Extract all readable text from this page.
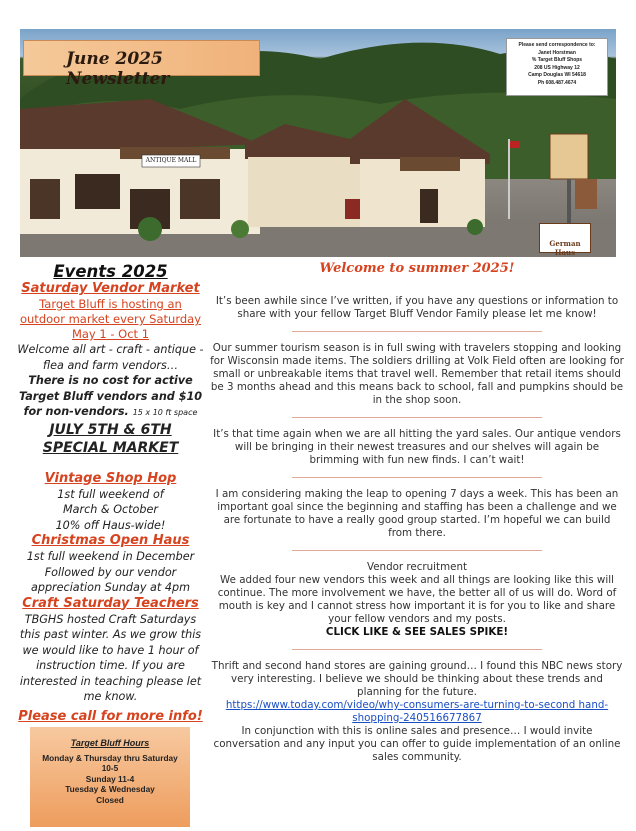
June 2025 Newsletter
ANTIQUE MALL
Please send correspondence to:
Janet Horstman
% Target Bluff Shops
208 US Highway 12
Camp Douglas WI 54618
Ph 608.487.4674
German Haus
Events 2025
Saturday Vendor Market
Target Bluff is hosting an outdoor market every Saturday
May 1 - Oct 1
Welcome all art - craft - antique - flea and farm vendors…
There is no cost for active Target Bluff vendors and $10 for non-vendors. 15 x 10 ft space
JULY 5TH & 6TH SPECIAL MARKET
Vintage Shop Hop
1st full weekend of
March & October
10% off Haus-wide!
Christmas Open Haus
1st full weekend in December Followed by our vendor appreciation Sunday at 4pm
Craft Saturday Teachers
TBGHS hosted Craft Saturdays this past winter. As we grow this we would like to have 1 hour of instruction time. If you are interested in teaching please let me know.
Please call for more info!
Target Bluff Hours
Monday & Thursday thru Saturday
10-5
Sunday 11-4
Tuesday & Wednesday
Closed
Welcome to summer 2025!

It’s been awhile since I’ve written, if you have any questions or information to share with your fellow Target Bluff Vendor Family please let me know!

Our summer tourism season is in full swing with travelers stopping and looking for Wisconsin made items. The soldiers drilling at Volk Field often are looking for small or unbreakable items that travel well. Remember that retail items should be 3 months ahead and this means back to school, fall and pumpkins should be in the shop soon.

It’s that time again when we are all hitting the yard sales. Our antique vendors will be bringing in their newest treasures and our shelves will again be brimming with fun new finds. I can’t wait!

I am considering making the leap to opening 7 days a week. This has been an important goal since the beginning and staffing has been a challenge and we are fortunate to have a really good group started. I’m hopeful we can build from there.

Vendor recruitment

We added four new vendors this week and all things are looking like this will continue. The more involvement we have, the better all of us will do. Word of mouth is key and I cannot stress how important it is for you to like and share your fellow vendors and my posts.

CLICK LIKE & SEE SALES SPIKE!

Thrift and second hand stores are gaining ground… I found this NBC news story very interesting. I believe we should be thinking about these trends and planning for the future.

https://www.today.com/video/why-consumers-are-turning-to-second hand-shopping-240516677867

In conjunction with this is online sales and presence… I would invite conversation and any input you can offer to guide implementation of an online sales community.
